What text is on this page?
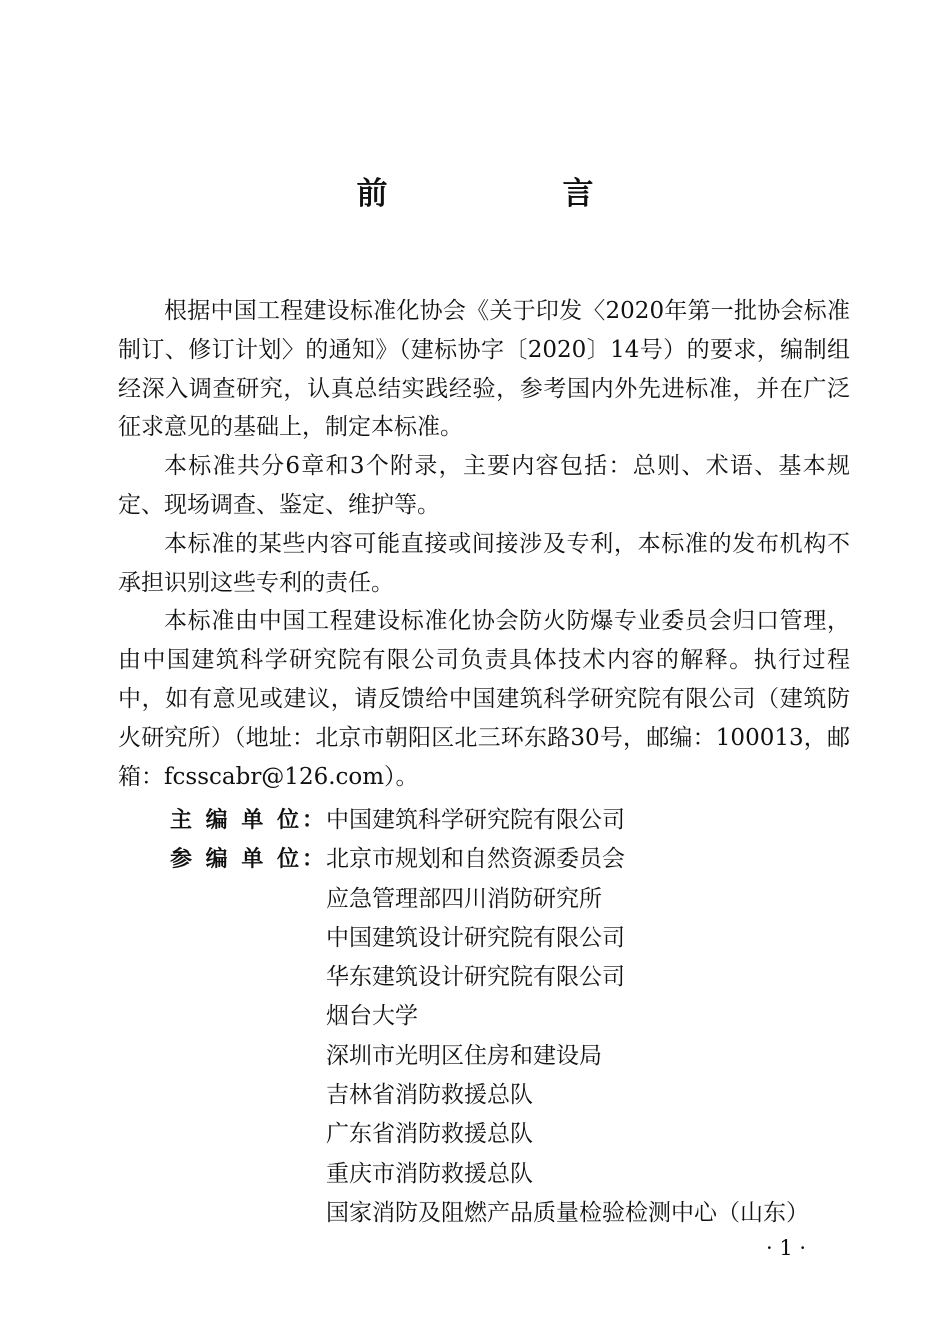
前　言

根据中国工程建设标准化协会《关于印发〈2020年第一批协会标准制订、修订计划〉的通知》（建标协字〔2020〕14号）的要求，编制组经深入调查研究，认真总结实践经验，参考国内外先进标准，并在广泛征求意见的基础上，制定本标准。

本标准共分6章和3个附录，主要内容包括：总则、术语、基本规定、现场调查、鉴定、维护等。

本标准的某些内容可能直接或间接涉及专利，本标准的发布机构不承担识别这些专利的责任。

本标准由中国工程建设标准化协会防火防爆专业委员会归口管理，由中国建筑科学研究院有限公司负责具体技术内容的解释。执行过程中，如有意见或建议，请反馈给中国建筑科学研究院有限公司（建筑防火研究所）（地址：北京市朝阳区北三环东路30号，邮编：100013，邮箱：fcsscabr@126.com）。

主 编 单 位： 中国建筑科学研究院有限公司
参 编 单 位： 北京市规划和自然资源委员会
应急管理部四川消防研究所
中国建筑设计研究院有限公司
华东建筑设计研究院有限公司
烟台大学
深圳市光明区住房和建设局
吉林省消防救援总队
广东省消防救援总队
重庆市消防救援总队
国家消防及阻燃产品质量检验检测中心（山东）
· 1 ·
